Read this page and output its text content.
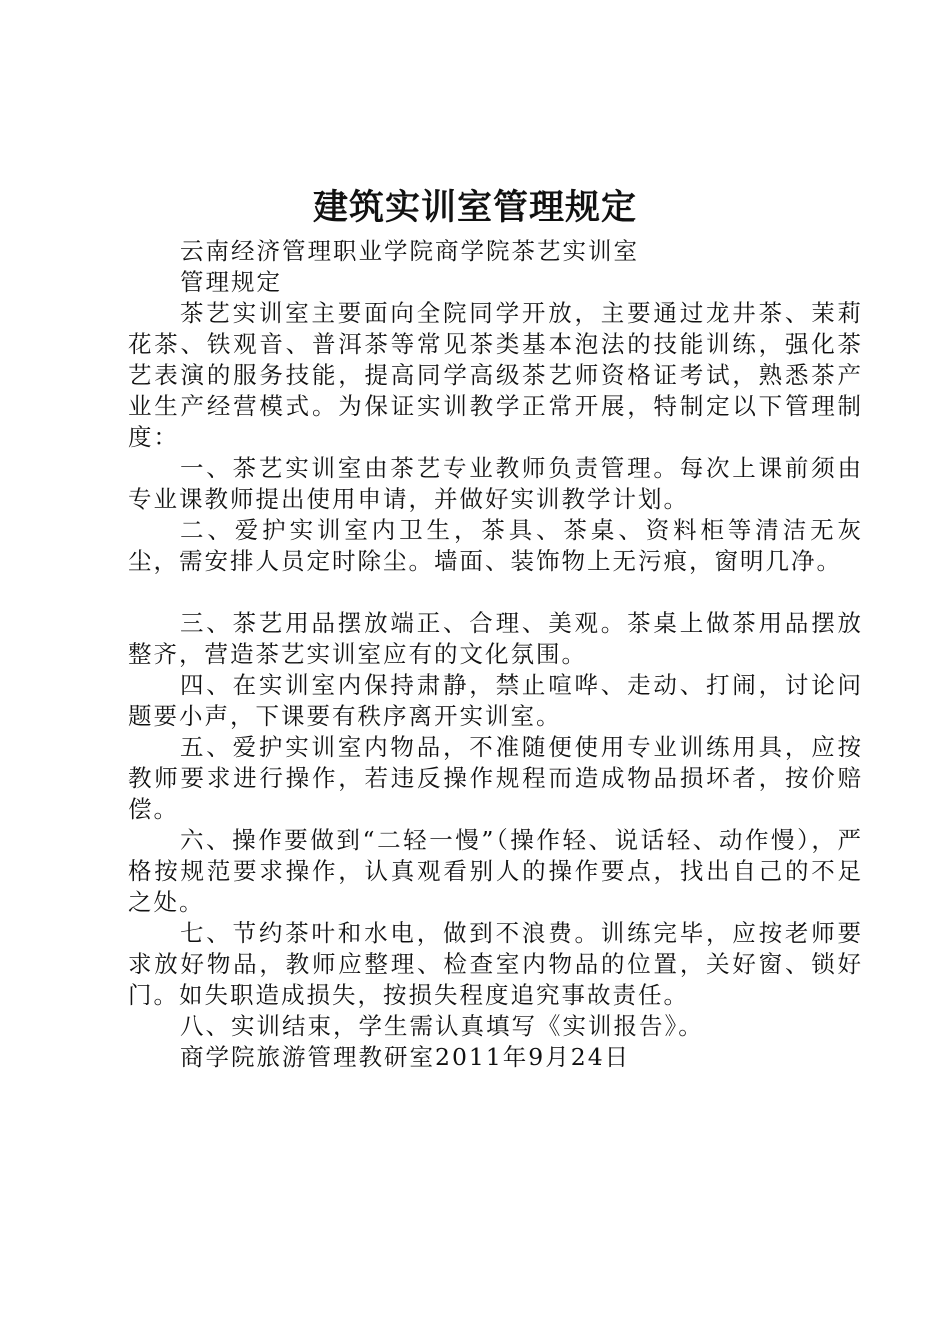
建筑实训室管理规定

云南经济管理职业学院商学院茶艺实训室

管理规定

茶艺实训室主要面向全院同学开放，主要通过龙井茶、茉莉花茶、铁观音、普洱茶等常见茶类基本泡法的技能训练，强化茶艺表演的服务技能，提高同学高级茶艺师资格证考试，熟悉茶产业生产经营模式。为保证实训教学正常开展，特制定以下管理制度：

一、茶艺实训室由茶艺专业教师负责管理。每次上课前须由专业课教师提出使用申请，并做好实训教学计划。

二、爱护实训室内卫生，茶具、茶桌、资料柜等清洁无灰尘，需安排人员定时除尘。墙面、装饰物上无污痕，窗明几净。

三、茶艺用品摆放端正、合理、美观。茶桌上做茶用品摆放整齐，营造茶艺实训室应有的文化氛围。

四、在实训室内保持肃静，禁止喧哗、走动、打闹，讨论问题要小声，下课要有秩序离开实训室。

五、爱护实训室内物品，不准随便使用专业训练用具，应按教师要求进行操作，若违反操作规程而造成物品损坏者，按价赔偿。

六、操作要做到“二轻一慢”（操作轻、说话轻、动作慢），严格按规范要求操作，认真观看别人的操作要点，找出自己的不足之处。

七、节约茶叶和水电，做到不浪费。训练完毕，应按老师要求放好物品，教师应整理、检查室内物品的位置，关好窗、锁好门。如失职造成损失，按损失程度追究事故责任。

八、实训结束，学生需认真填写《实训报告》。

商学院旅游管理教研室2011年9月24日
